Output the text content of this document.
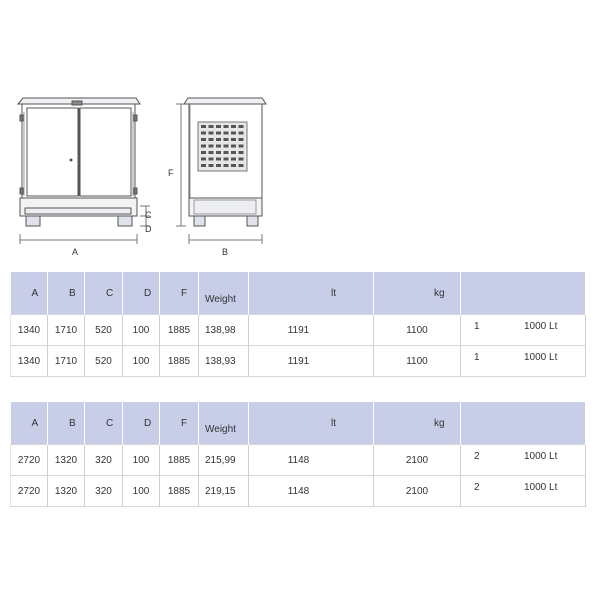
A	B
C
D
F
A	B	C	D	F	Weight	lt	kg	
1340	1710	520	100	1885	138,98	1191	1100	1 1000 Lt

1340	1710	520	100	1885	138,93	1191	1100	1 1000 Lt
A	B	C	D	F	Weight	lt	kg	
2720	1320	320	100	1885	215,99	1148	2100	2 1000 Lt

2720	1320	320	100	1885	219,15	1148	2100	2 1000 Lt
